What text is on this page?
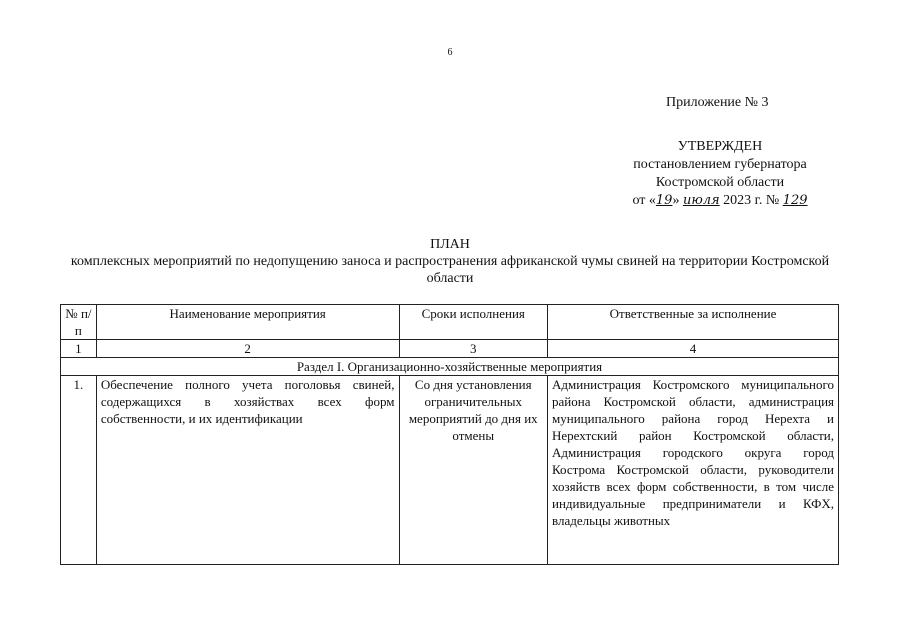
6
Приложение № 3
УТВЕРЖДЕН
постановлением губернатора
Костромской области
от «19» июля 2023 г. № 129
ПЛАН
комплексных мероприятий по недопущению заноса и распространения африканской чумы свиней на территории Костромской области
№ п/п	Наименование мероприятия	Сроки исполнения	Ответственные за исполнение
1	2	3	4
Раздел I. Организационно-хозяйственные мероприятия			
1.	Обеспечение полного учета поголовья свиней, содержащихся в хозяйствах всех форм собственности, и их идентификации	Со дня установления ограничительных мероприятий до дня их отмены	Администрация Костромского муниципального района Костромской области, администрация муниципального района город Нерехта и Нерехтский район Костромской области, Администрация городского округа город Кострома Костромской области, руководители хозяйств всех форм собственности, в том числе индивидуальные предприниматели и КФХ, владельцы животных
